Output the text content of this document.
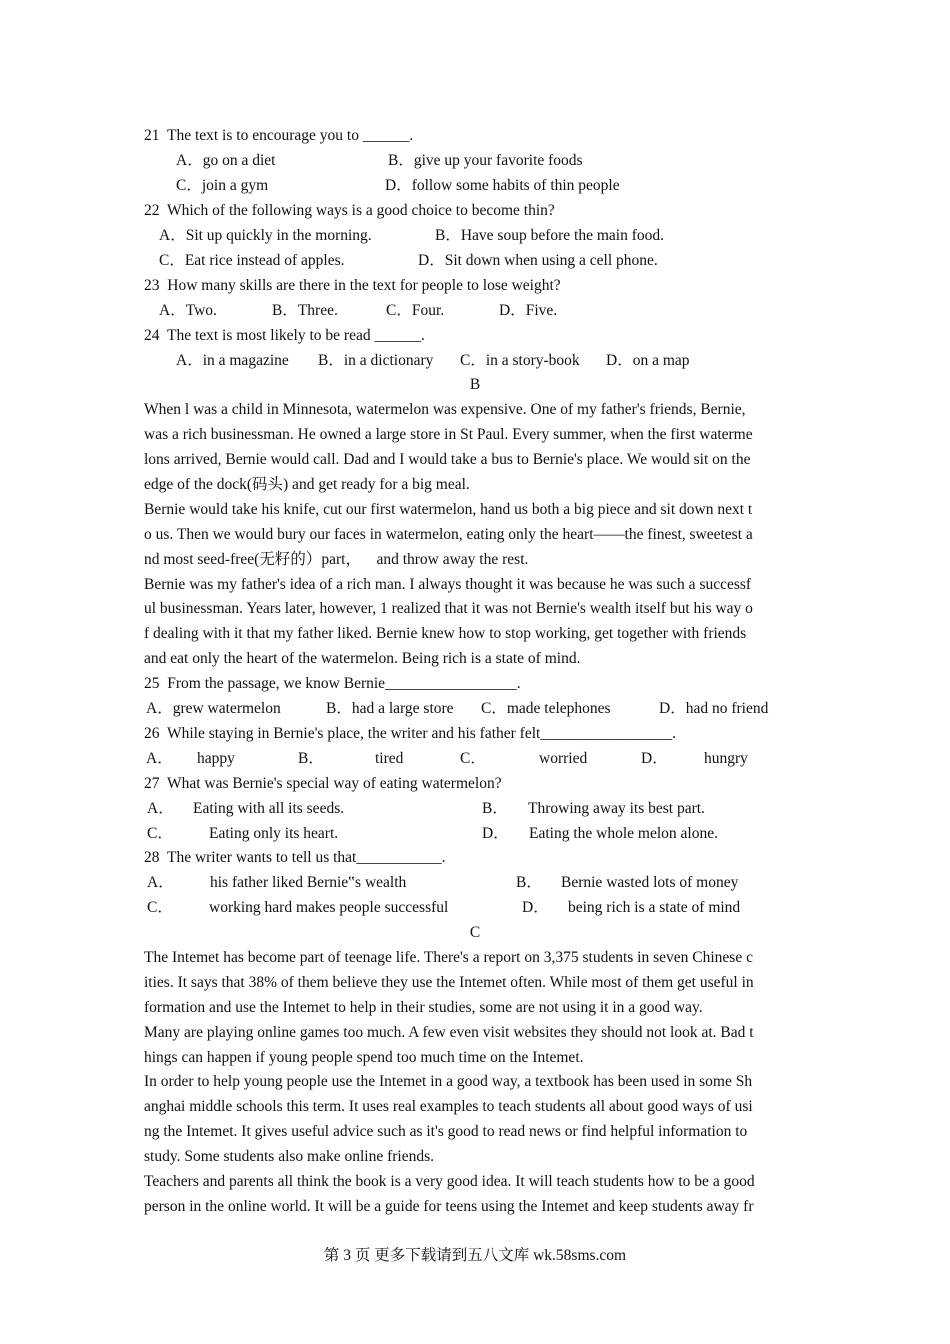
21  The text is to encourage you to ______.
A．go on a diet	B．give up your favorite foods
C．join a gym	D．follow some habits of thin people
22  Which of the following ways is a good choice to become thin?
A．Sit up quickly in the morning.	B．Have soup before the main food.
C．Eat rice instead of apples.	D．Sit down when using a cell phone.
23  How many skills are there in the text for people to lose weight?
A．Two.	B．Three.	C．Four.	D．Five.
24  The text is most likely to be read ______.
A．in a magazine B．in a dictionary C．in a story-book D．on a map
B
When l was a child in Minnesota, watermelon was expensive. One of my father's friends, Bernie,
was a rich businessman. He owned a large store in St Paul. Every summer, when the first waterme
lons arrived, Bernie would call. Dad and I would take a bus to Bernie's place. We would sit on the
edge of the dock(码头) and get ready for a big meal.
Bernie would take his knife, cut our first watermelon, hand us both a big piece and sit down next t
o us. Then we would bury our faces in watermelon, eating only the heart——the finest, sweetest a
nd most seed-free(无籽的）part，    and throw away the rest.
Bernie was my father's idea of a rich man. I always thought it was because he was such a successf
ul businessman. Years later, however, 1 realized that it was not Bernie's wealth itself but his way o
f dealing with it that my father liked. Bernie knew how to stop working, get together with friends
and eat only the heart of the watermelon. Being rich is a state of mind.
25  From the passage, we know Bernie_________________.
A．grew watermelon	B．had a large store C．made telephones	D．had no friend
26  While staying in Bernie's place, the writer and his father felt_________________.
A． happy	B．	tired	C．	worried	D． hungry
27  What was Bernie's special way of eating watermelon?
A． Eating with all its seeds.	B． Throwing away its best part.
C． Eating only its heart.	D． Eating the whole melon alone.
28  The writer wants to tell us that___________.
A． his father liked Bernie‟s wealth	B． Bernie wasted lots of money
C． working hard makes people successful	D． being rich is a state of mind
C
The Intemet has become part of teenage life. There's a report on 3,375 students in seven Chinese c
ities. It says that 38% of them believe they use the Intemet often. While most of them get useful in
formation and use the Intemet to help in their studies, some are not using it in a good way.
Many are playing online games too much. A few even visit websites they should not look at. Bad t
hings can happen if young people spend too much time on the Intemet.
In order to help young people use the Intemet in a good way, a textbook has been used in some Sh
anghai middle schools this term. It uses real examples to teach students all about good ways of usi
ng the Intemet. It gives useful advice such as it's good to read news or find helpful information to
study. Some students also make online friends.
Teachers and parents all think the book is a very good idea. It will teach students how to be a good
person in the online world. It will be a guide for teens using the Intemet and keep students away fr
第 3 页 更多下载请到五八文库 wk.58sms.com
